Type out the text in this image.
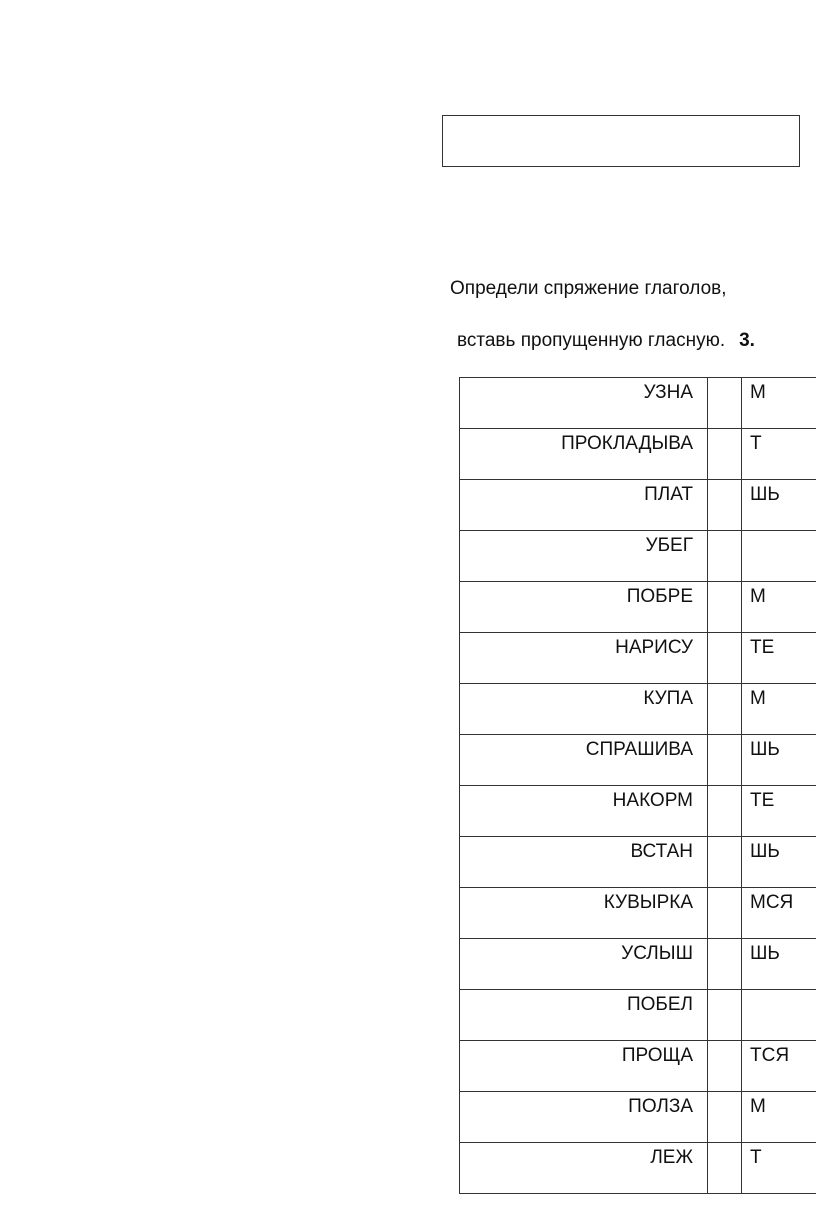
Определи спряжение глаголов,
вставь пропущенную гласную. 3.
УЗНА		М
ПРОКЛАДЫВА		Т
ПЛАТ		ШЬ
УБЕГ		
ПОБРЕ		М
НАРИСУ		ТЕ
КУПА		М
СПРАШИВА		ШЬ
НАКОРМ		ТЕ
ВСТАН		ШЬ
КУВЫРКА		МСЯ
УСЛЫШ		ШЬ
ПОБЕЛ		
ПРОЩА		ТСЯ
ПОЛЗА		М
ЛЕЖ		Т
